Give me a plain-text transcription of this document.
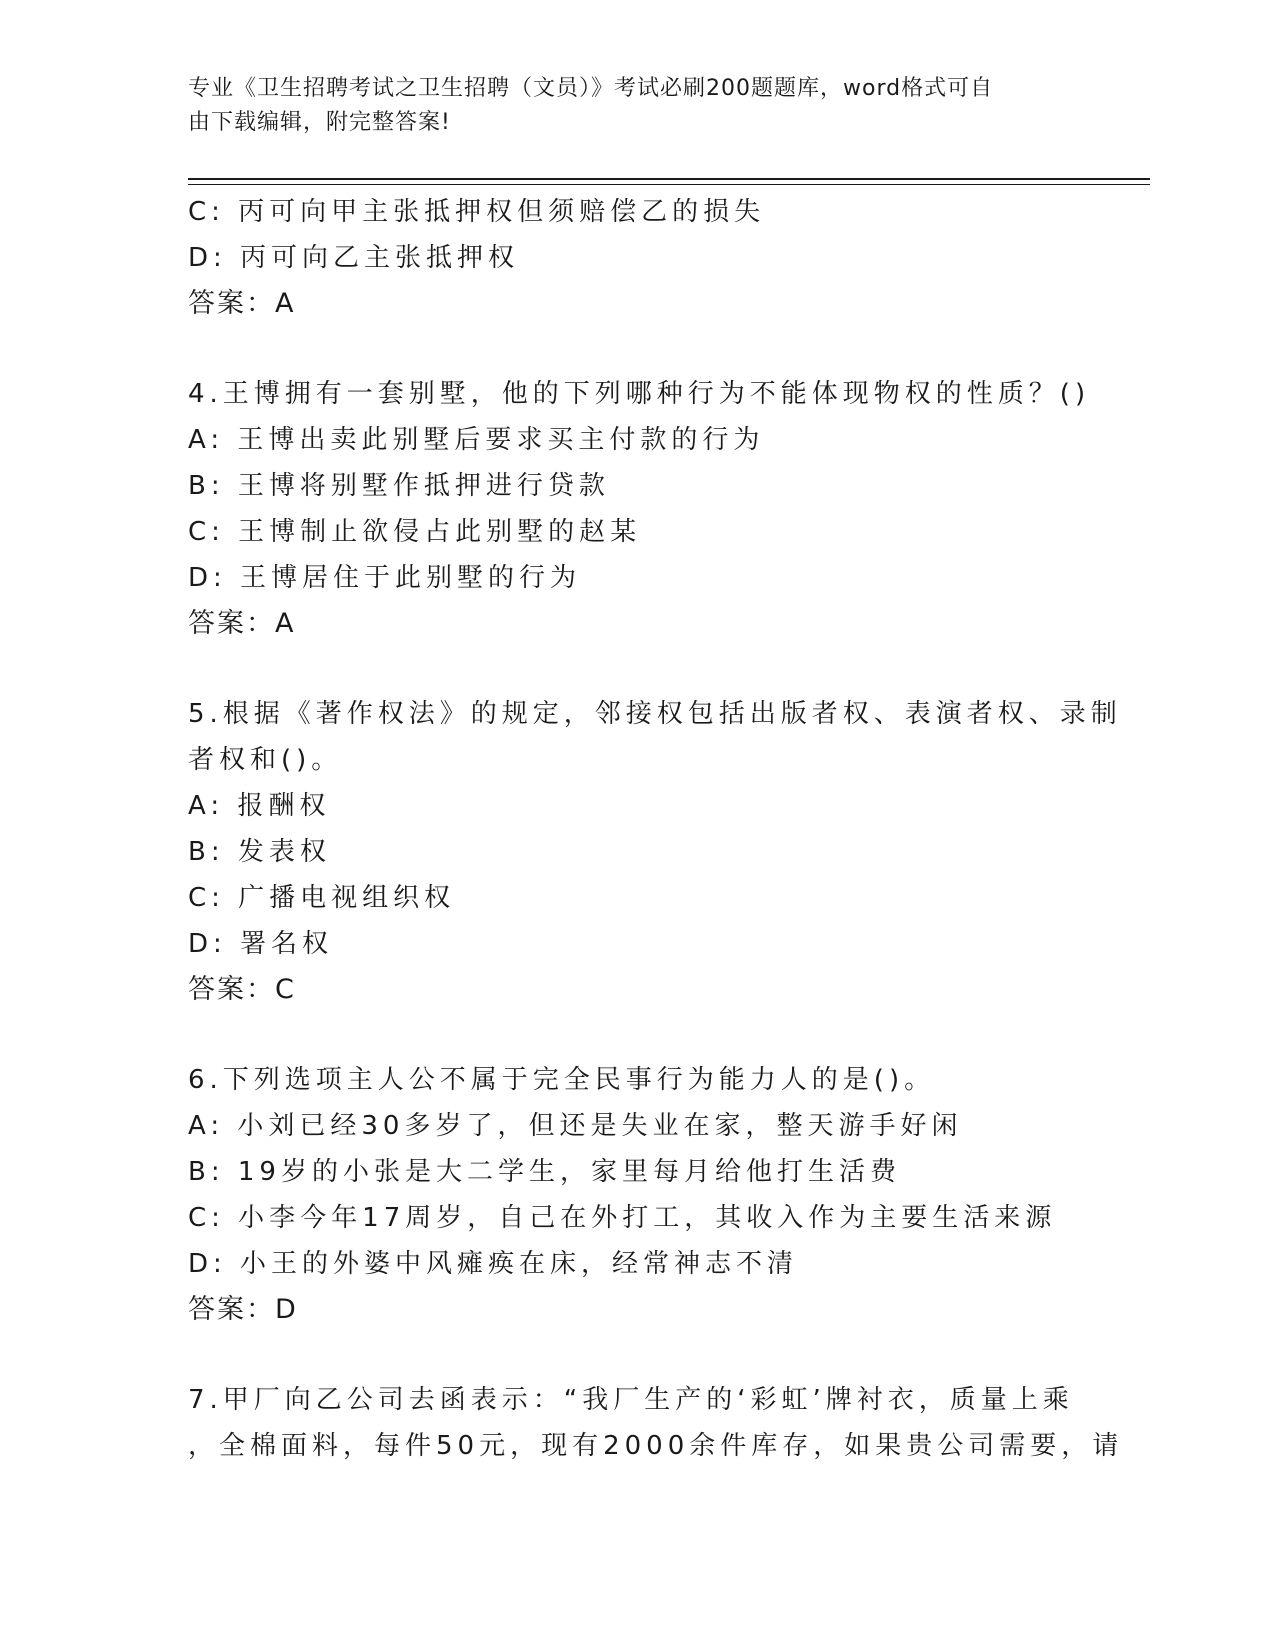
专业《卫生招聘考试之卫生招聘（文员）》考试必刷200题题库，word格式可自
由下载编辑，附完整答案!

C: 丙可向甲主张抵押权但须赔偿乙的损失

D: 丙可向乙主张抵押权

答案：A

4.王博拥有一套别墅，他的下列哪种行为不能体现物权的性质？()

A: 王博出卖此别墅后要求买主付款的行为

B: 王博将别墅作抵押进行贷款

C: 王博制止欲侵占此别墅的赵某

D: 王博居住于此别墅的行为

答案：A

5.根据《著作权法》的规定，邻接权包括出版者权、表演者权、录制

者权和()。

A: 报酬权

B: 发表权

C: 广播电视组织权

D: 署名权

答案：C

6.下列选项主人公不属于完全民事行为能力人的是()。

A: 小刘已经30多岁了，但还是失业在家，整天游手好闲

B: 19岁的小张是大二学生，家里每月给他打生活费

C: 小李今年17周岁，自己在外打工，其收入作为主要生活来源

D: 小王的外婆中风瘫痪在床，经常神志不清

答案：D

7.甲厂向乙公司去函表示：“我厂生产的‘彩虹’牌衬衣，质量上乘

，全棉面料，每件50元，现有2000余件库存，如果贵公司需要，请
